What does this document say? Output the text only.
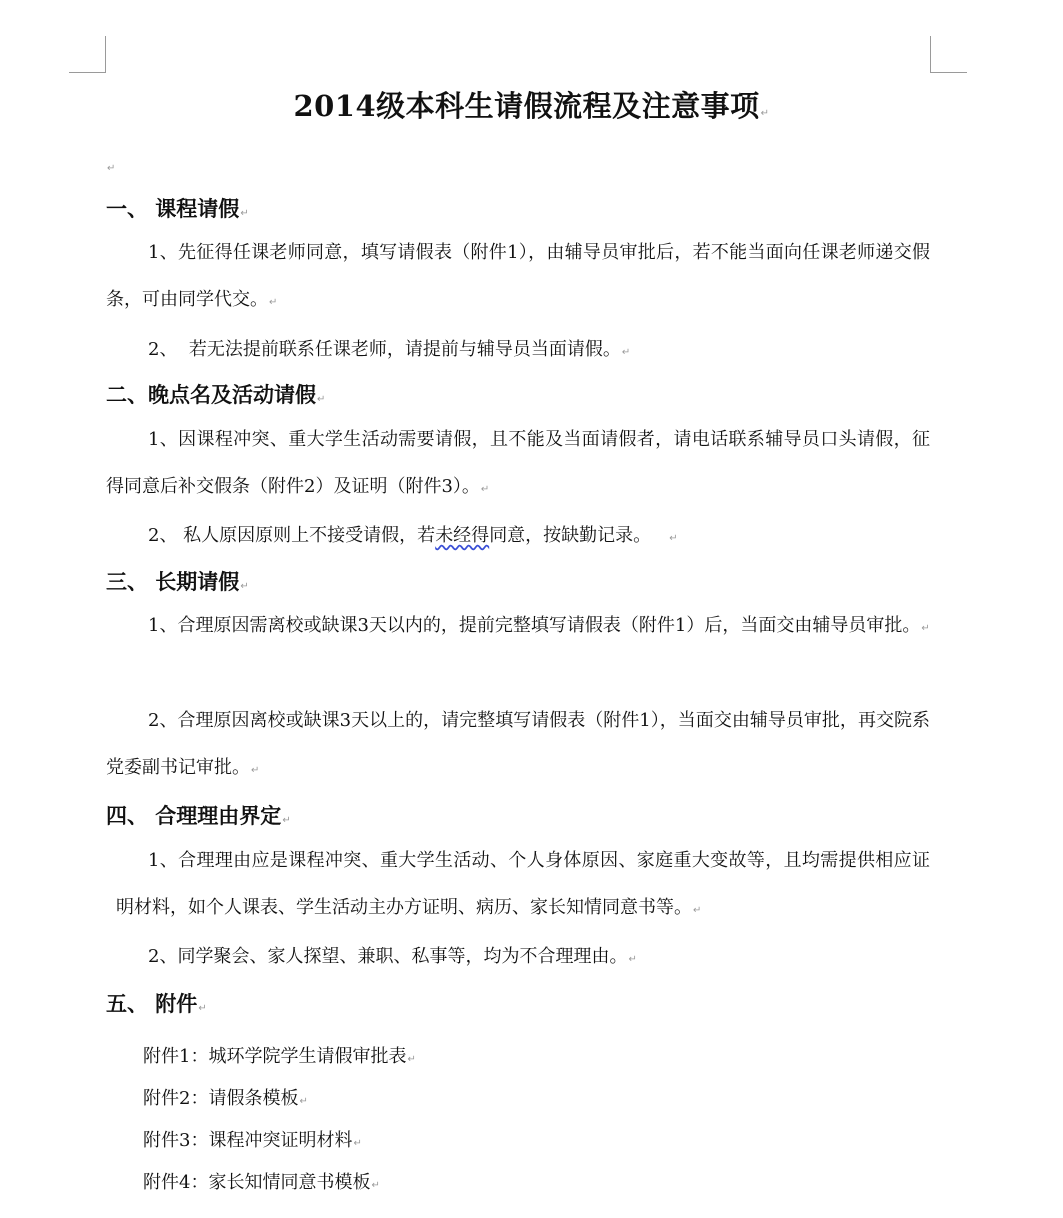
2014级本科生请假流程及注意事项↵
↵
一、 课程请假↵
1、先征得任课老师同意，填写请假表（附件1），由辅导员审批后，若不能当面向任课老师递交假条，可由同学代交。↵
2、  若无法提前联系任课老师，请提前与辅导员当面请假。↵
二、晚点名及活动请假↵
1、因课程冲突、重大学生活动需要请假，且不能及当面请假者，请电话联系辅导员口头请假，征得同意后补交假条（附件2）及证明（附件3）。↵
2、 私人原因原则上不接受请假，若未经得同意，按缺勤记录。↵
三、 长期请假↵
1、合理原因需离校或缺课3天以内的，提前完整填写请假表（附件1）后，当面交由辅导员审批。↵
2、合理原因离校或缺课3天以上的，请完整填写请假表（附件1），当面交由辅导员审批，再交院系党委副书记审批。↵
四、 合理理由界定↵
1、合理理由应是课程冲突、重大学生活动、个人身体原因、家庭重大变故等，且均需提供相应证明材料，如个人课表、学生活动主办方证明、病历、家长知情同意书等。↵
2、同学聚会、家人探望、兼职、私事等，均为不合理理由。↵
五、 附件↵
附件1：城环学院学生请假审批表↵
附件2：请假条模板↵
附件3：课程冲突证明材料↵
附件4：家长知情同意书模板↵
